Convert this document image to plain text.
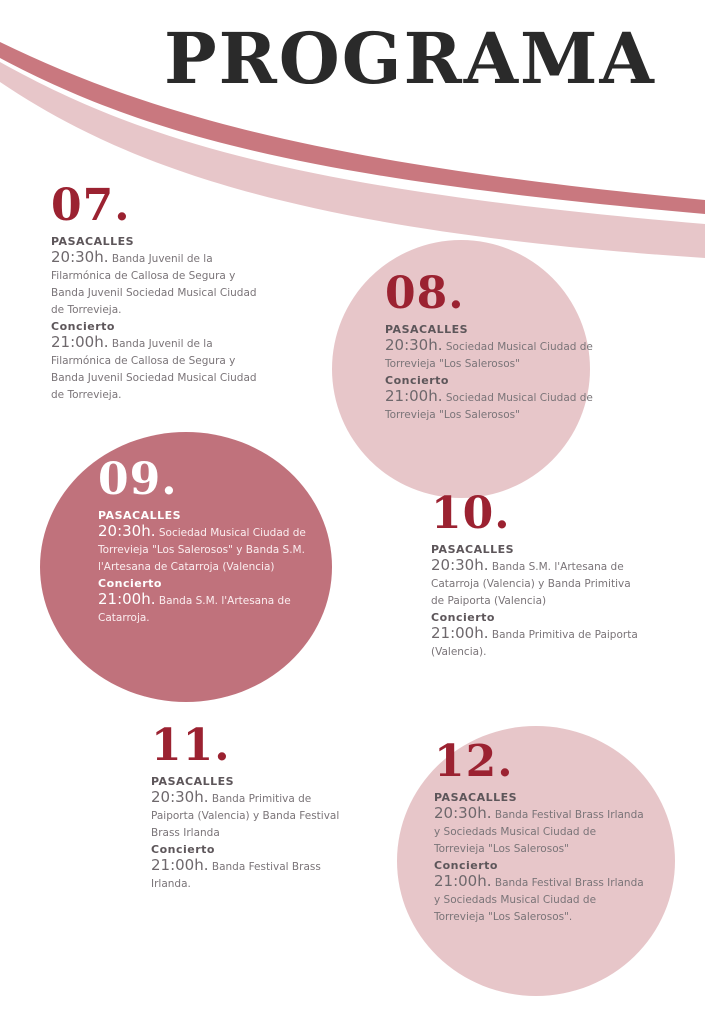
PROGRAMA
07.
PASACALLES
20:30h. Banda Juvenil de la Filarmónica de Callosa de Segura y Banda Juvenil Sociedad Musical Ciudad de Torrevieja.
Concierto
21:00h. Banda Juvenil de la Filarmónica de Callosa de Segura y Banda Juvenil Sociedad Musical Ciudad de Torrevieja.
08.
PASACALLES
20:30h. Sociedad Musical Ciudad de Torrevieja "Los Salerosos"
Concierto
21:00h. Sociedad Musical Ciudad de Torrevieja "Los Salerosos"
09.
PASACALLES
20:30h. Sociedad Musical Ciudad de Torrevieja "Los Salerosos" y Banda S.M. l'Artesana de Catarroja (Valencia)
Concierto
21:00h. Banda S.M. l'Artesana de Catarroja.
10.
PASACALLES
20:30h. Banda S.M. l'Artesana de Catarroja (Valencia) y Banda Primitiva de Paiporta (Valencia)
Concierto
21:00h. Banda Primitiva de Paiporta (Valencia).
11.
PASACALLES
20:30h. Banda Primitiva de Paiporta (Valencia) y Banda Festival Brass Irlanda
Concierto
21:00h. Banda Festival Brass Irlanda.
12.
PASACALLES
20:30h. Banda Festival Brass Irlanda y Sociedads Musical Ciudad de Torrevieja "Los Salerosos"
Concierto
21:00h. Banda Festival Brass Irlanda y Sociedads Musical Ciudad de Torrevieja "Los Salerosos".
